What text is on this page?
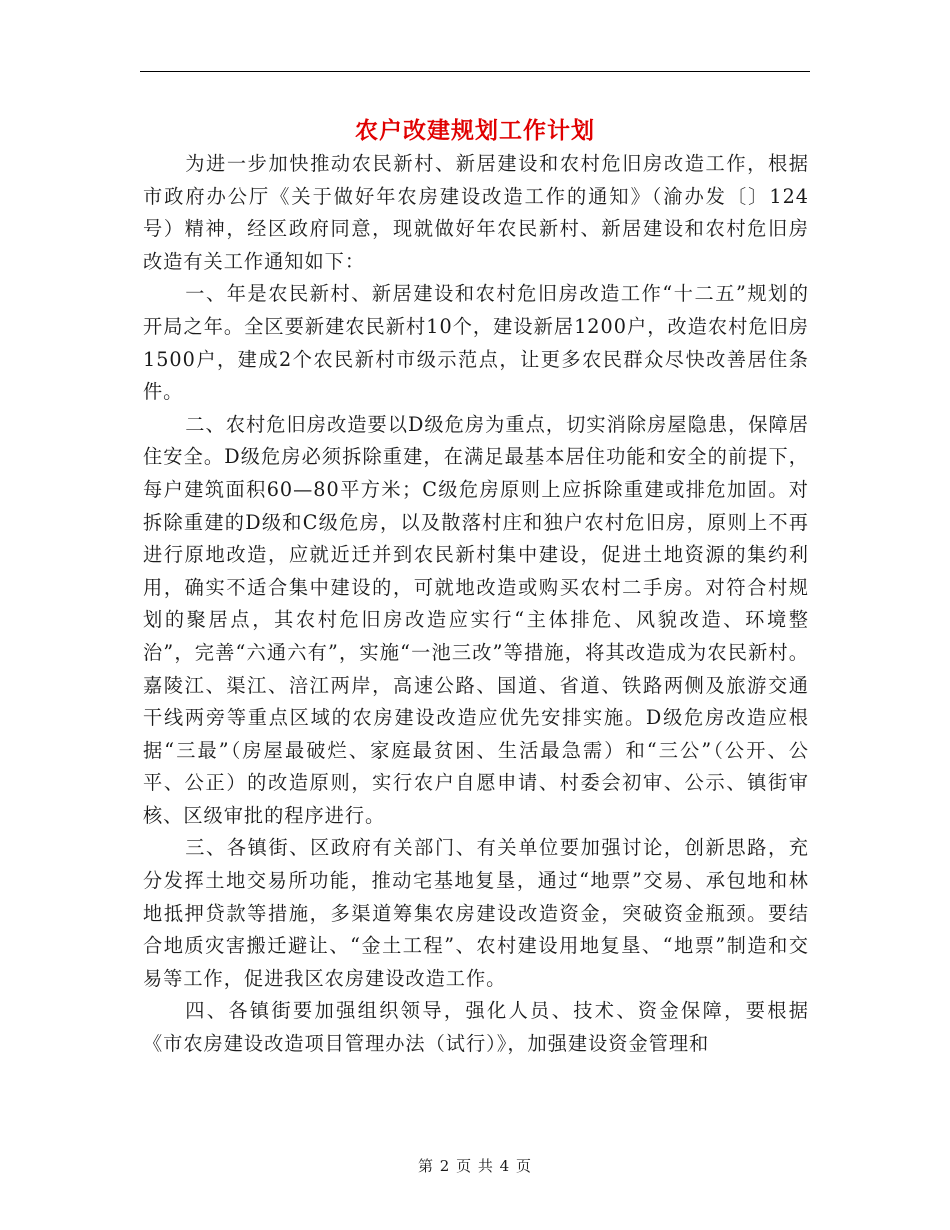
农户改建规划工作计划

为进一步加快推动农民新村、新居建设和农村危旧房改造工作，根据市政府办公厅《关于做好年农房建设改造工作的通知》（渝办发〔〕124号）精神，经区政府同意，现就做好年农民新村、新居建设和农村危旧房改造有关工作通知如下：

一、年是农民新村、新居建设和农村危旧房改造工作“十二五”规划的开局之年。全区要新建农民新村10个，建设新居1200户，改造农村危旧房1500户，建成2个农民新村市级示范点，让更多农民群众尽快改善居住条件。

二、农村危旧房改造要以D级危房为重点，切实消除房屋隐患，保障居住安全。D级危房必须拆除重建，在满足最基本居住功能和安全的前提下，每户建筑面积60—80平方米；C级危房原则上应拆除重建或排危加固。对拆除重建的D级和C级危房，以及散落村庄和独户农村危旧房，原则上不再进行原地改造，应就近迁并到农民新村集中建设，促进土地资源的集约利用，确实不适合集中建设的，可就地改造或购买农村二手房。对符合村规划的聚居点，其农村危旧房改造应实行“主体排危、风貌改造、环境整治”，完善“六通六有”，实施“一池三改”等措施，将其改造成为农民新村。嘉陵江、渠江、涪江两岸，高速公路、国道、省道、铁路两侧及旅游交通干线两旁等重点区域的农房建设改造应优先安排实施。D级危房改造应根据“三最”（房屋最破烂、家庭最贫困、生活最急需）和“三公”（公开、公平、公正）的改造原则，实行农户自愿申请、村委会初审、公示、镇街审核、区级审批的程序进行。

三、各镇街、区政府有关部门、有关单位要加强讨论，创新思路，充分发挥土地交易所功能，推动宅基地复垦，通过“地票”交易、承包地和林地抵押贷款等措施，多渠道筹集农房建设改造资金，突破资金瓶颈。要结合地质灾害搬迁避让、“金土工程”、农村建设用地复垦、“地票”制造和交易等工作，促进我区农房建设改造工作。

四、各镇街要加强组织领导，强化人员、技术、资金保障，要根据《市农房建设改造项目管理办法（试行）》，加强建设资金管理和

第 2 页 共 4 页
